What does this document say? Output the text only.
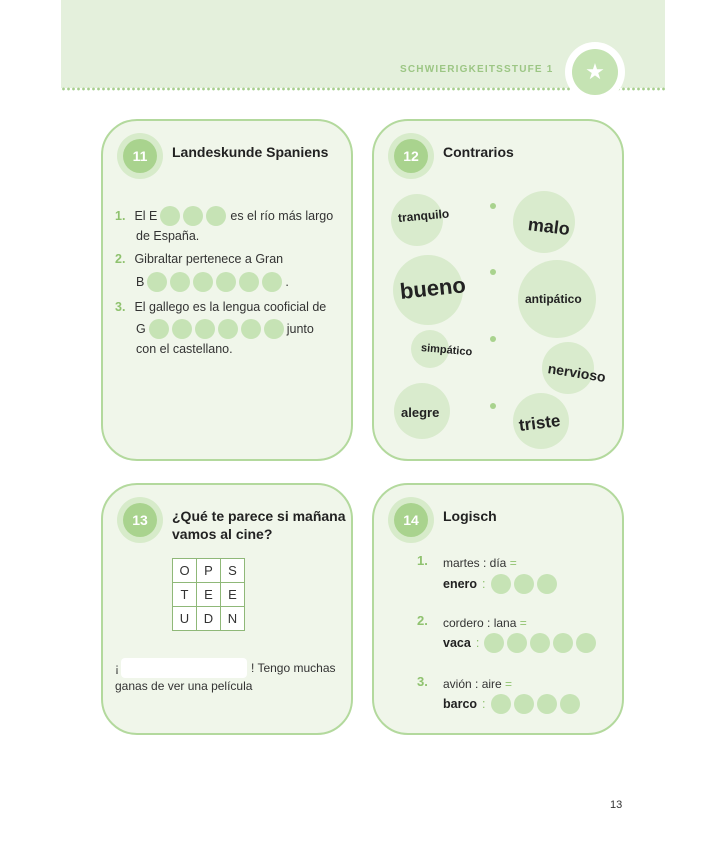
SCHWIERIGKEITSSTUFE 1	★
11	Landeskunde Spaniens
1. El E	es el río más largo
de España.
2. Gibraltar pertenece a Gran
B	.
3. El gallego es la lengua cooficial de
G	junto
con el castellano.
12	Contrarios
tranquilo	malo
bueno	antipático
simpático
nervioso
alegre	triste
13	¿Qué te parece si mañana
vamos al cine?
O	P	S
T	E	E
U	D	N
¡	! Tengo muchas
ganas de ver una película
14	Logisch
1. martes : día =
enero :
2. cordero : lana =
vaca :
3. avión : aire =
barco :
13
